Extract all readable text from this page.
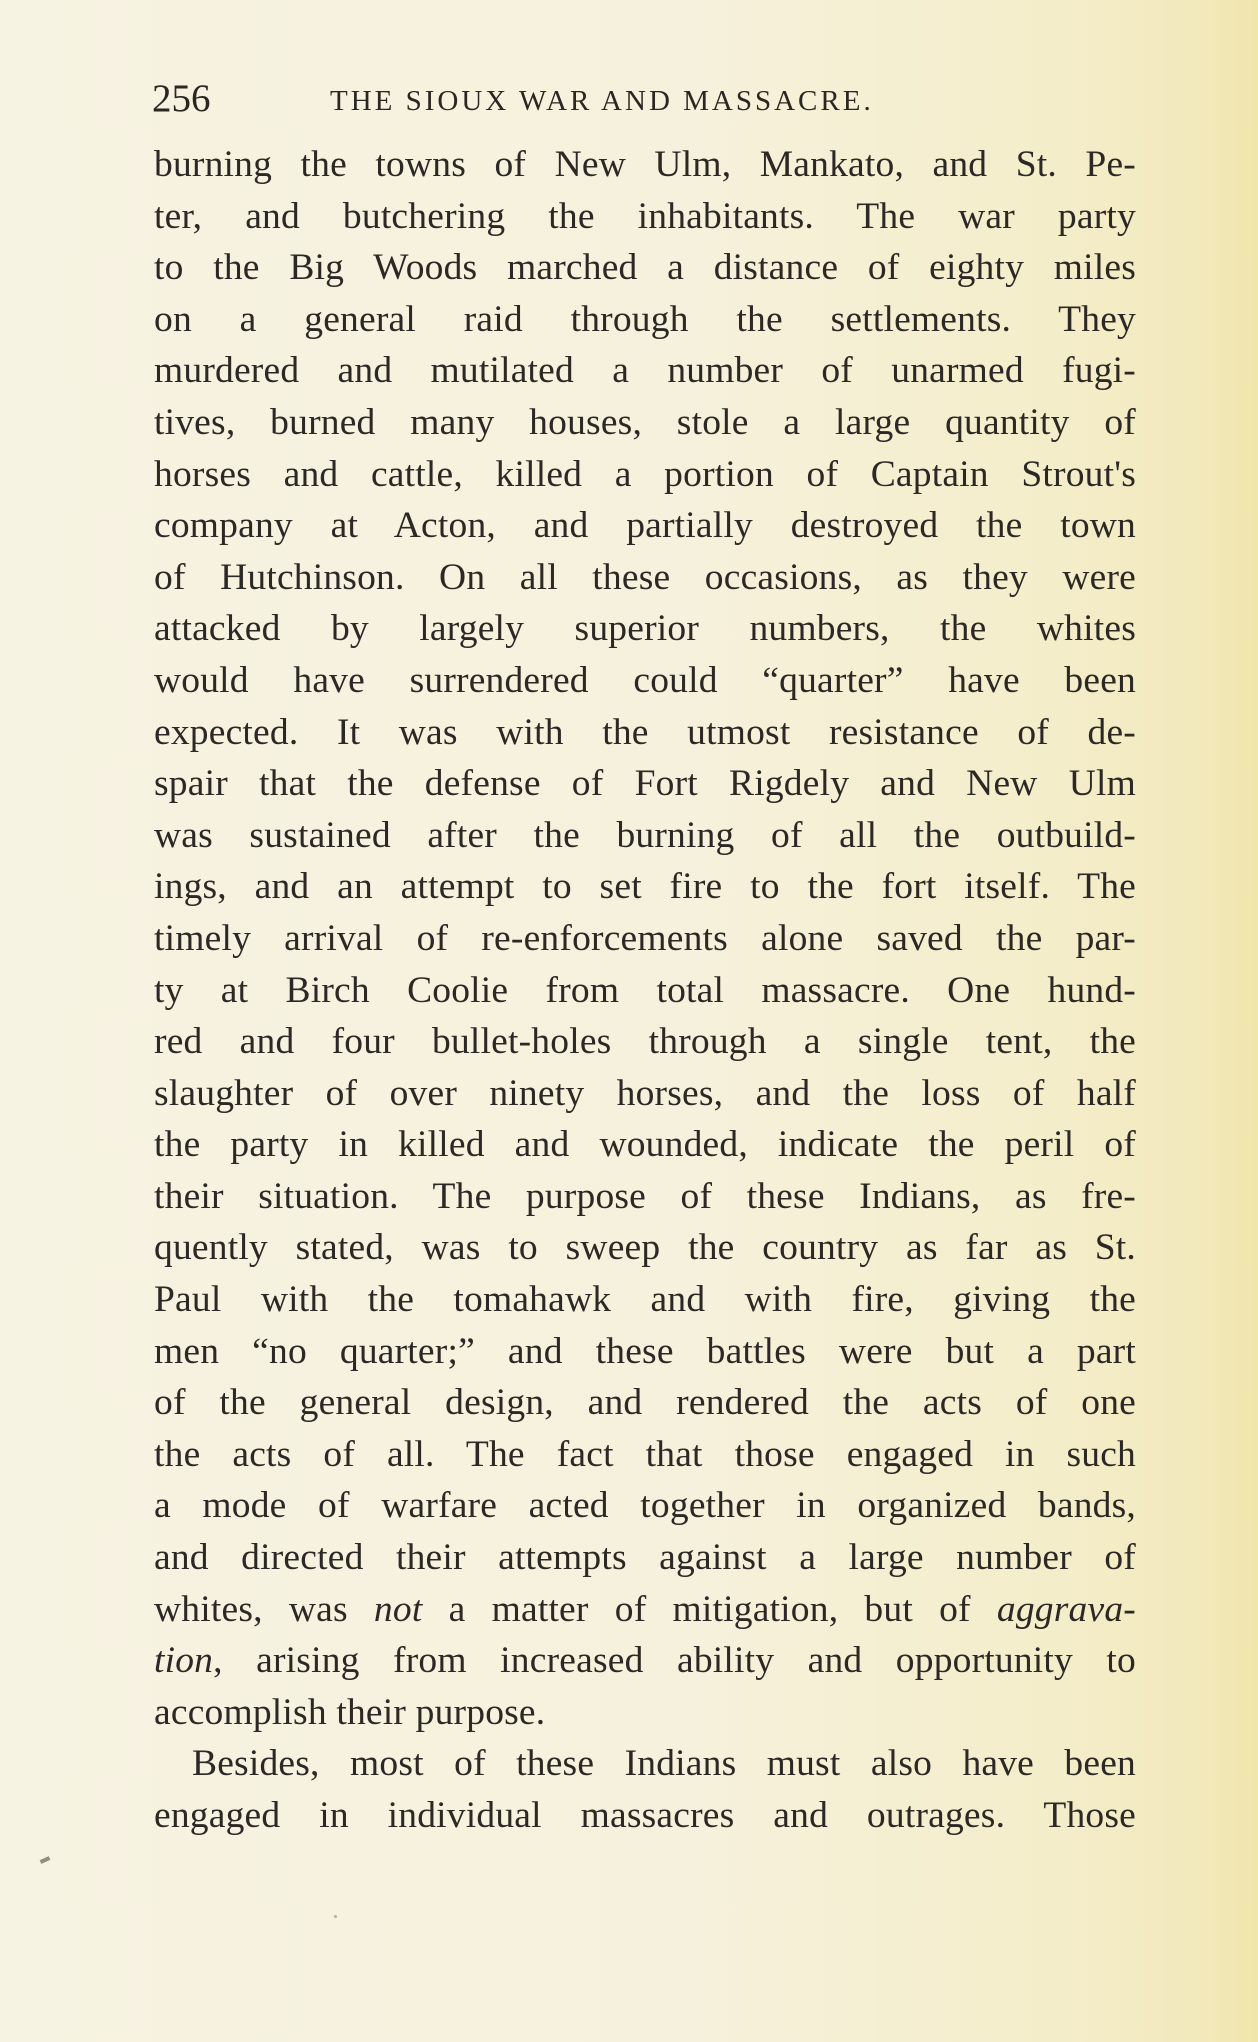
256	THE SIOUX WAR AND MASSACRE.
burning the towns of New Ulm, Mankato, and St. Pe-
ter, and butchering the inhabitants. The war party
to the Big Woods marched a distance of eighty miles
on a general raid through the settlements. They
murdered and mutilated a number of unarmed fugi-
tives, burned many houses, stole a large quantity of
horses and cattle, killed a portion of Captain Strout's
company at Acton, and partially destroyed the town
of Hutchinson. On all these occasions, as they were
attacked by largely superior numbers, the whites
would have surrendered could “quarter” have been
expected. It was with the utmost resistance of de-
spair that the defense of Fort Rigdely and New Ulm
was sustained after the burning of all the outbuild-
ings, and an attempt to set fire to the fort itself. The
timely arrival of re-enforcements alone saved the par-
ty at Birch Coolie from total massacre. One hund-
red and four bullet-holes through a single tent, the
slaughter of over ninety horses, and the loss of half
the party in killed and wounded, indicate the peril of
their situation. The purpose of these Indians, as fre-
quently stated, was to sweep the country as far as St.
Paul with the tomahawk and with fire, giving the
men “no quarter;” and these battles were but a part
of the general design, and rendered the acts of one
the acts of all. The fact that those engaged in such
a mode of warfare acted together in organized bands,
and directed their attempts against a large number of
whites, was not a matter of mitigation, but of aggrava-
tion, arising from increased ability and opportunity to
accomplish their purpose.
Besides, most of these Indians must also have been
engaged in individual massacres and outrages. Those
